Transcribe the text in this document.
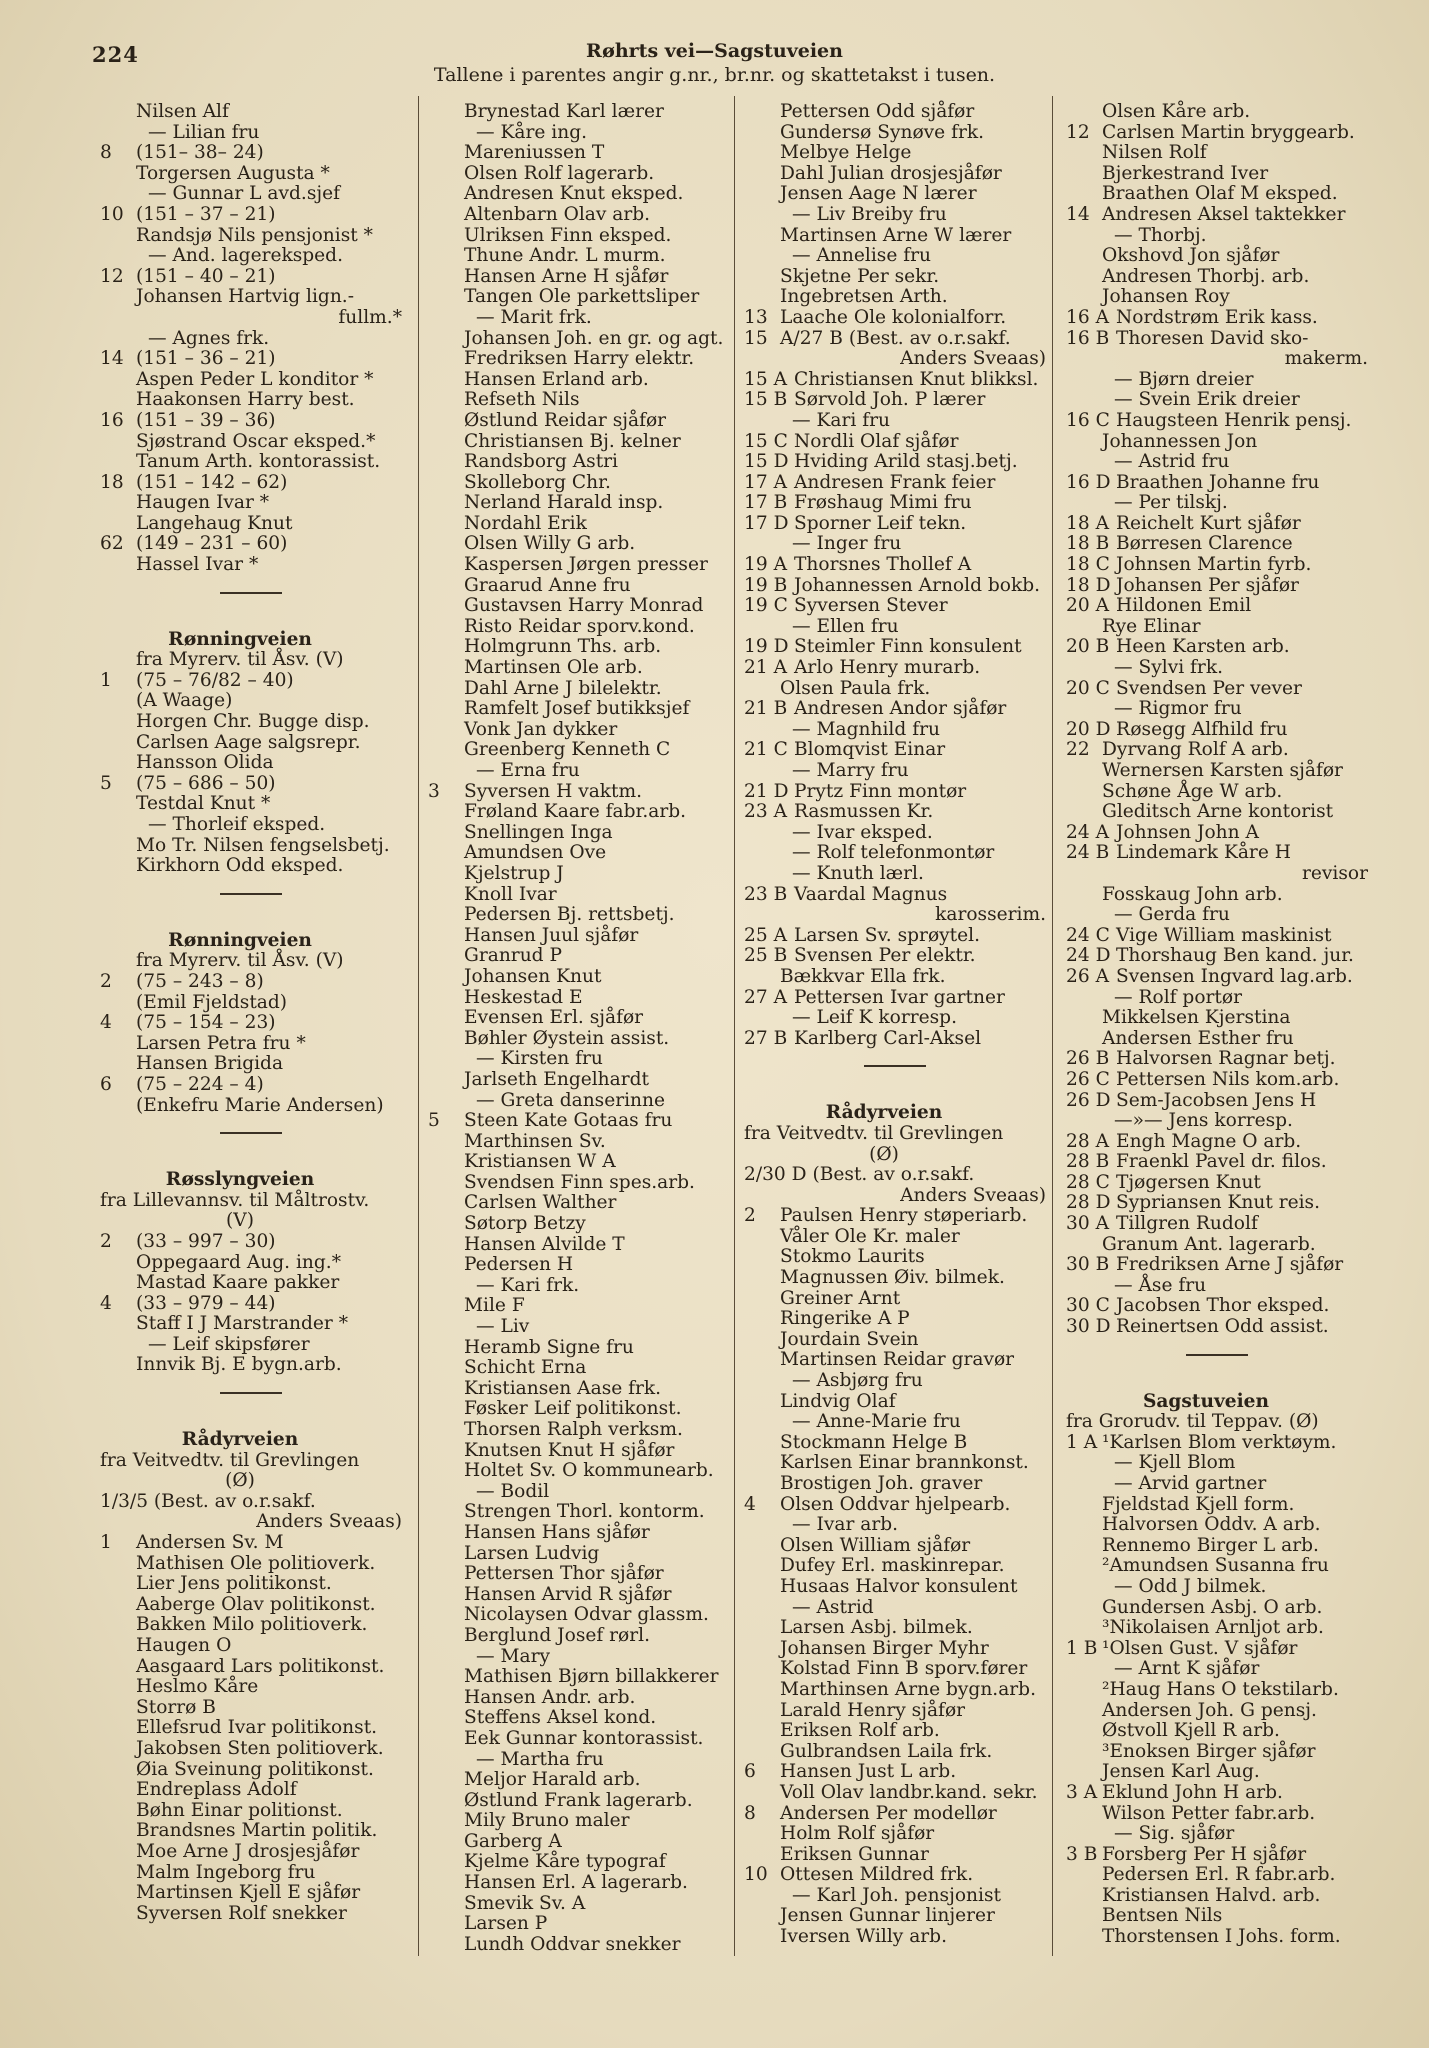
224	Røhrts vei—Sagstuveien
Tallene i parentes angir g.nr., br.nr. og skattetakst i tusen.
Nilsen Alf
— Lilian fru
8	(151– 38– 24)
Torgersen Augusta *
— Gunnar L avd.sjef
10 (151 – 37 – 21)
Randsjø Nils pensjonist *
— And. lagereksped.
12 (151 – 40 – 21)
Johansen Hartvig lign.-
fullm.*
— Agnes frk.
14 (151 – 36 – 21)
Aspen Peder L konditor *
Haakonsen Harry best.
16 (151 – 39 – 36)
Sjøstrand Oscar eksped.*
Tanum Arth. kontorassist.
18 (151 – 142 – 62)
Haugen Ivar *
Langehaug Knut
62 (149 – 231 – 60)
Hassel Ivar *
Rønningveien
fra Myrerv. til Åsv. (V)
1	(75 – 76/82 – 40)
(A Waage)
Horgen Chr. Bugge disp.
Carlsen Aage salgsrepr.
Hansson Olida
5	(75 – 686 – 50)
Testdal Knut *
— Thorleif eksped.
Mo Tr. Nilsen fengselsbetj.
Kirkhorn Odd eksped.
Rønningveien
fra Myrerv. til Åsv. (V)
2	(75 – 243 – 8)
(Emil Fjeldstad)
4	(75 – 154 – 23)
Larsen Petra fru *
Hansen Brigida
6	(75 – 224 – 4)
(Enkefru Marie Andersen)
Røsslyngveien
fra Lillevannsv. til Måltrostv.
(V)
2	(33 – 997 – 30)
Oppegaard Aug. ing.*
Mastad Kaare pakker
4	(33 – 979 – 44)
Staff I J Marstrander *
— Leif skipsfører
Innvik Bj. E bygn.arb.
Rådyrveien
fra Veitvedtv. til Grevlingen
(Ø)
1/3/5 (Best. av o.r.sakf.
Anders Sveaas)
1	Andersen Sv. M
Mathisen Ole politioverk.
Lier Jens politikonst.
Aaberge Olav politikonst.
Bakken Milo politioverk.
Haugen O
Aasgaard Lars politikonst.
Heslmo Kåre
Storrø B
Ellefsrud Ivar politikonst.
Jakobsen Sten politioverk.
Øia Sveinung politikonst.
Endreplass Adolf
Bøhn Einar politionst.
Brandsnes Martin politik.
Moe Arne J drosjesjåfør
Malm Ingeborg fru
Martinsen Kjell E sjåfør
Syversen Rolf snekker
Brynestad Karl lærer
— Kåre ing.
Mareniussen T
Olsen Rolf lagerarb.
Andresen Knut eksped.
Altenbarn Olav arb.
Ulriksen Finn eksped.
Thune Andr. L murm.
Hansen Arne H sjåfør
Tangen Ole parkettsliper
— Marit frk.
Johansen Joh. en gr. og agt.
Fredriksen Harry elektr.
Hansen Erland arb.
Refseth Nils
Østlund Reidar sjåfør
Christiansen Bj. kelner
Randsborg Astri
Skolleborg Chr.
Nerland Harald insp.
Nordahl Erik
Olsen Willy G arb.
Kaspersen Jørgen presser
Graarud Anne fru
Gustavsen Harry Monrad
Risto Reidar sporv.kond.
Holmgrunn Ths. arb.
Martinsen Ole arb.
Dahl Arne J bilelektr.
Ramfelt Josef butikksjef
Vonk Jan dykker
Greenberg Kenneth C
— Erna fru
3	Syversen H vaktm.
Frøland Kaare fabr.arb.
Snellingen Inga
Amundsen Ove
Kjelstrup J
Knoll Ivar
Pedersen Bj. rettsbetj.
Hansen Juul sjåfør
Granrud P
Johansen Knut
Heskestad E
Evensen Erl. sjåfør
Bøhler Øystein assist.
— Kirsten fru
Jarlseth Engelhardt
— Greta danserinne
5	Steen Kate Gotaas fru
Marthinsen Sv.
Kristiansen W A
Svendsen Finn spes.arb.
Carlsen Walther
Søtorp Betzy
Hansen Alvilde T
Pedersen H
— Kari frk.
Mile F
— Liv
Heramb Signe fru
Schicht Erna
Kristiansen Aase frk.
Føsker Leif politikonst.
Thorsen Ralph verksm.
Knutsen Knut H sjåfør
Holtet Sv. O kommunearb.
— Bodil
Strengen Thorl. kontorm.
Hansen Hans sjåfør
Larsen Ludvig
Pettersen Thor sjåfør
Hansen Arvid R sjåfør
Nicolaysen Odvar glassm.
Berglund Josef rørl.
— Mary
Mathisen Bjørn billakkerer
Hansen Andr. arb.
Steffens Aksel kond.
Eek Gunnar kontorassist.
— Martha fru
Meljor Harald arb.
Østlund Frank lagerarb.
Mily Bruno maler
Garberg A
Kjelme Kåre typograf
Hansen Erl. A lagerarb.
Smevik Sv. A
Larsen P
Lundh Oddvar snekker
Pettersen Odd sjåfør
Gundersø Synøve frk.
Melbye Helge
Dahl Julian drosjesjåfør
Jensen Aage N lærer
— Liv Breiby fru
Martinsen Arne W lærer
— Annelise fru
Skjetne Per sekr.
Ingebretsen Arth.
13 Laache Ole kolonialforr.
15 A/27 B (Best. av o.r.sakf.
Anders Sveaas)
15 A Christiansen Knut blikksl.
15 B Sørvold Joh. P lærer
— Kari fru
15 C Nordli Olaf sjåfør
15 D Hviding Arild stasj.betj.
17 A Andresen Frank feier
17 B Frøshaug Mimi fru
17 D Sporner Leif tekn.
— Inger fru
19 A Thorsnes Thollef A
19 B Johannessen Arnold bokb.
19 C Syversen Stever
— Ellen fru
19 D Steimler Finn konsulent
21 A Arlo Henry murarb.
Olsen Paula frk.
21 B Andresen Andor sjåfør
— Magnhild fru
21 C Blomqvist Einar
— Marry fru
21 D Prytz Finn montør
23 A Rasmussen Kr.
— Ivar eksped.
— Rolf telefonmontør
— Knuth lærl.
23 B Vaardal Magnus
karosserim.
25 A Larsen Sv. sprøytel.
25 B Svensen Per elektr.
Bækkvar Ella frk.
27 A Pettersen Ivar gartner
— Leif K korresp.
27 B Karlberg Carl-Aksel
Rådyrveien
fra Veitvedtv. til Grevlingen
(Ø)
2/30 D (Best. av o.r.sakf.
Anders Sveaas)
2	Paulsen Henry støperiarb.
Våler Ole Kr. maler
Stokmo Laurits
Magnussen Øiv. bilmek.
Greiner Arnt
Ringerike A P
Jourdain Svein
Martinsen Reidar gravør
— Asbjørg fru
Lindvig Olaf
— Anne-Marie fru
Stockmann Helge B
Karlsen Einar brannkonst.
Brostigen Joh. graver
4	Olsen Oddvar hjelpearb.
— Ivar arb.
Olsen William sjåfør
Dufey Erl. maskinrepar.
Husaas Halvor konsulent
— Astrid
Larsen Asbj. bilmek.
Johansen Birger Myhr
Kolstad Finn B sporv.fører
Marthinsen Arne bygn.arb.
Larald Henry sjåfør
Eriksen Rolf arb.
Gulbrandsen Laila frk.
6	Hansen Just L arb.
Voll Olav landbr.kand. sekr.
8	Andersen Per modellør
Holm Rolf sjåfør
Eriksen Gunnar
10 Ottesen Mildred frk.
— Karl Joh. pensjonist
Jensen Gunnar linjerer
Iversen Willy arb.
Olsen Kåre arb.
12 Carlsen Martin bryggearb.
Nilsen Rolf
Bjerkestrand Iver
Braathen Olaf M eksped.
14 Andresen Aksel taktekker
— Thorbj.
Okshovd Jon sjåfør
Andresen Thorbj. arb.
Johansen Roy
16 A Nordstrøm Erik kass.
16 B Thoresen David sko-
makerm.
— Bjørn dreier
— Svein Erik dreier
16 C Haugsteen Henrik pensj.
Johannessen Jon
— Astrid fru
16 D Braathen Johanne fru
— Per tilskj.
18 A Reichelt Kurt sjåfør
18 B Børresen Clarence
18 C Johnsen Martin fyrb.
18 D Johansen Per sjåfør
20 A Hildonen Emil
Rye Elinar
20 B Heen Karsten arb.
— Sylvi frk.
20 C Svendsen Per vever
— Rigmor fru
20 D Røsegg Alfhild fru
22 Dyrvang Rolf A arb.
Wernersen Karsten sjåfør
Schøne Åge W arb.
Gleditsch Arne kontorist
24 A Johnsen John A
24 B Lindemark Kåre H
revisor
Fosskaug John arb.
— Gerda fru
24 C Vige William maskinist
24 D Thorshaug Ben kand. jur.
26 A Svensen Ingvard lag.arb.
— Rolf portør
Mikkelsen Kjerstina
Andersen Esther fru
26 B Halvorsen Ragnar betj.
26 C Pettersen Nils kom.arb.
26 D Sem-Jacobsen Jens H
—»— Jens korresp.
28 A Engh Magne O arb.
28 B Fraenkl Pavel dr. filos.
28 C Tjøgersen Knut
28 D Sypriansen Knut reis.
30 A Tillgren Rudolf
Granum Ant. lagerarb.
30 B Fredriksen Arne J sjåfør
— Åse fru
30 C Jacobsen Thor eksped.
30 D Reinertsen Odd assist.
Sagstuveien
fra Grorudv. til Teppav. (Ø)
1 A ¹Karlsen Blom verktøym.
— Kjell Blom
— Arvid gartner
Fjeldstad Kjell form.
Halvorsen Oddv. A arb.
Rennemo Birger L arb.
²Amundsen Susanna fru
— Odd J bilmek.
Gundersen Asbj. O arb.
³Nikolaisen Arnljot arb.
1 B ¹Olsen Gust. V sjåfør
— Arnt K sjåfør
²Haug Hans O tekstilarb.
Andersen Joh. G pensj.
Østvoll Kjell R arb.
³Enoksen Birger sjåfør
Jensen Karl Aug.
3 A Eklund John H arb.
Wilson Petter fabr.arb.
— Sig. sjåfør
3 B Forsberg Per H sjåfør
Pedersen Erl. R fabr.arb.
Kristiansen Halvd. arb.
Bentsen Nils
Thorstensen I Johs. form.
